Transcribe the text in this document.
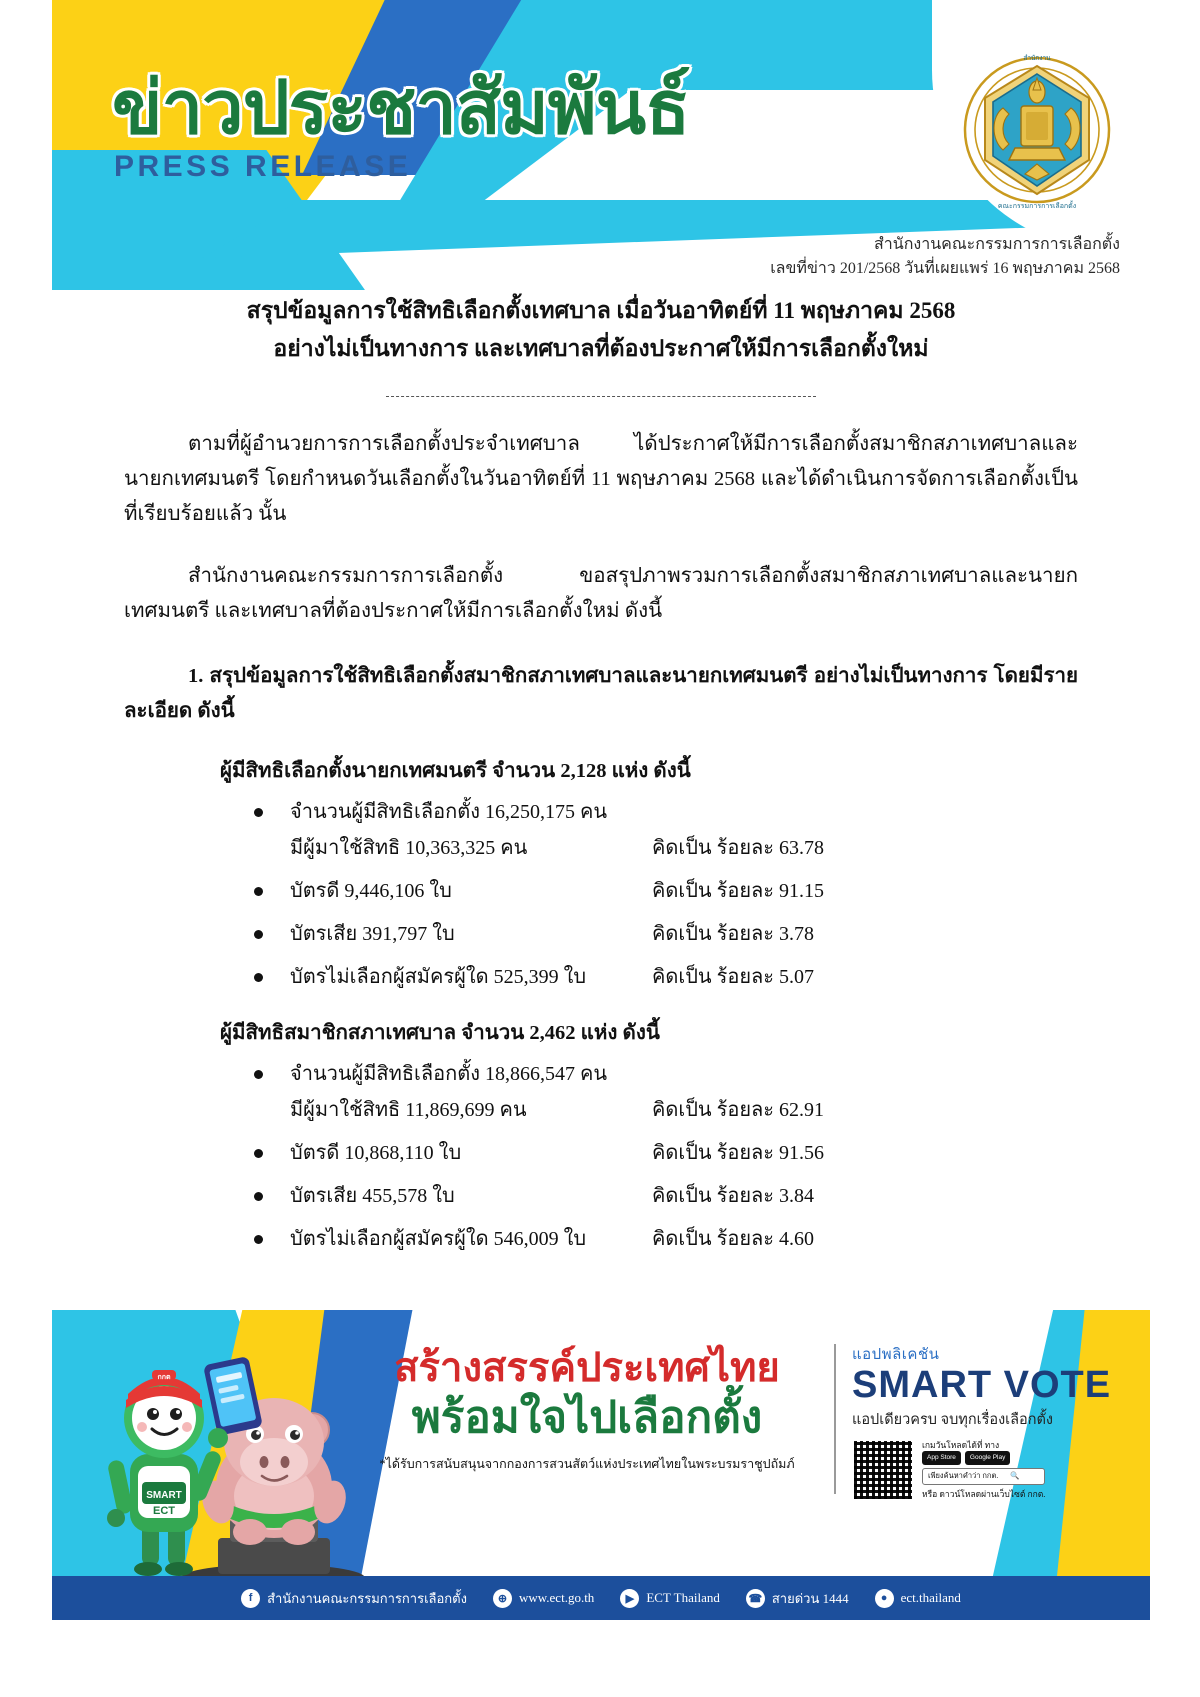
ข่าวประชาสัมพันธ์
PRESS RELEASE
สำนักงาน
คณะกรรมการการเลือกตั้ง
สำนักงานคณะกรรมการการเลือกตั้ง
เลขที่ข่าว 201/2568 วันที่เผยแพร่ 16 พฤษภาคม 2568
สรุปข้อมูลการใช้สิทธิเลือกตั้งเทศบาล เมื่อวันอาทิตย์ที่ 11 พฤษภาคม 2568
อย่างไม่เป็นทางการ และเทศบาลที่ต้องประกาศให้มีการเลือกตั้งใหม่

ตามที่ผู้อำนวยการการเลือกตั้งประจำเทศบาล ได้ประกาศให้มีการเลือกตั้งสมาชิกสภาเทศบาลและนายกเทศมนตรี โดยกำหนดวันเลือกตั้งในวันอาทิตย์ที่ 11 พฤษภาคม 2568 และได้ดำเนินการจัดการเลือกตั้งเป็นที่เรียบร้อยแล้ว นั้น

สำนักงานคณะกรรมการการเลือกตั้ง ขอสรุปภาพรวมการเลือกตั้งสมาชิกสภาเทศบาลและนายกเทศมนตรี และเทศบาลที่ต้องประกาศให้มีการเลือกตั้งใหม่ ดังนี้

1. สรุปข้อมูลการใช้สิทธิเลือกตั้งสมาชิกสภาเทศบาลและนายกเทศมนตรี อย่างไม่เป็นทางการ โดยมีรายละเอียด ดังนี้
ผู้มีสิทธิเลือกตั้งนายกเทศมนตรี จำนวน 2,128 แห่ง ดังนี้
จำนวนผู้มีสิทธิเลือกตั้ง 16,250,175 คน
มีผู้มาใช้สิทธิ 10,363,325 คน	คิดเป็น ร้อยละ 63.78
บัตรดี 9,446,106 ใบ	คิดเป็น ร้อยละ 91.15
บัตรเสีย 391,797 ใบ	คิดเป็น ร้อยละ 3.78
บัตรไม่เลือกผู้สมัครผู้ใด 525,399 ใบ	คิดเป็น ร้อยละ 5.07
ผู้มีสิทธิสมาชิกสภาเทศบาล จำนวน 2,462 แห่ง ดังนี้
จำนวนผู้มีสิทธิเลือกตั้ง 18,866,547 คน
มีผู้มาใช้สิทธิ 11,869,699 คน	คิดเป็น ร้อยละ 62.91
บัตรดี 10,868,110 ใบ	คิดเป็น ร้อยละ 91.56
บัตรเสีย 455,578 ใบ	คิดเป็น ร้อยละ 3.84
บัตรไม่เลือกผู้สมัครผู้ใด 546,009 ใบ	คิดเป็น ร้อยละ 4.60
SMART
ECT
กกต	สร้างสรรค์ประเทศไทย
พร้อมใจไปเลือกตั้ง
*ได้รับการสนับสนุนจากกองการสวนสัตว์แห่งประเทศไทยในพระบรมราชูปถัมภ์
แอปพลิเคชัน
SMART VOTE
แอปเดียวครบ จบทุกเรื่องเลือกตั้ง
เกมวันโหลดได้ที่ ทาง
App Store	Google Play
เพียงค้นหาคำว่า กกต. 🔍
หรือ ดาวน์โหลดผ่านเว็บไซต์ กกต.
f	สำนักงานคณะกรรมการการเลือกตั้ง	⊕ www.ect.go.th	▶ ECT Thailand	☎ สายด่วน 1444	●	ect.thailand
